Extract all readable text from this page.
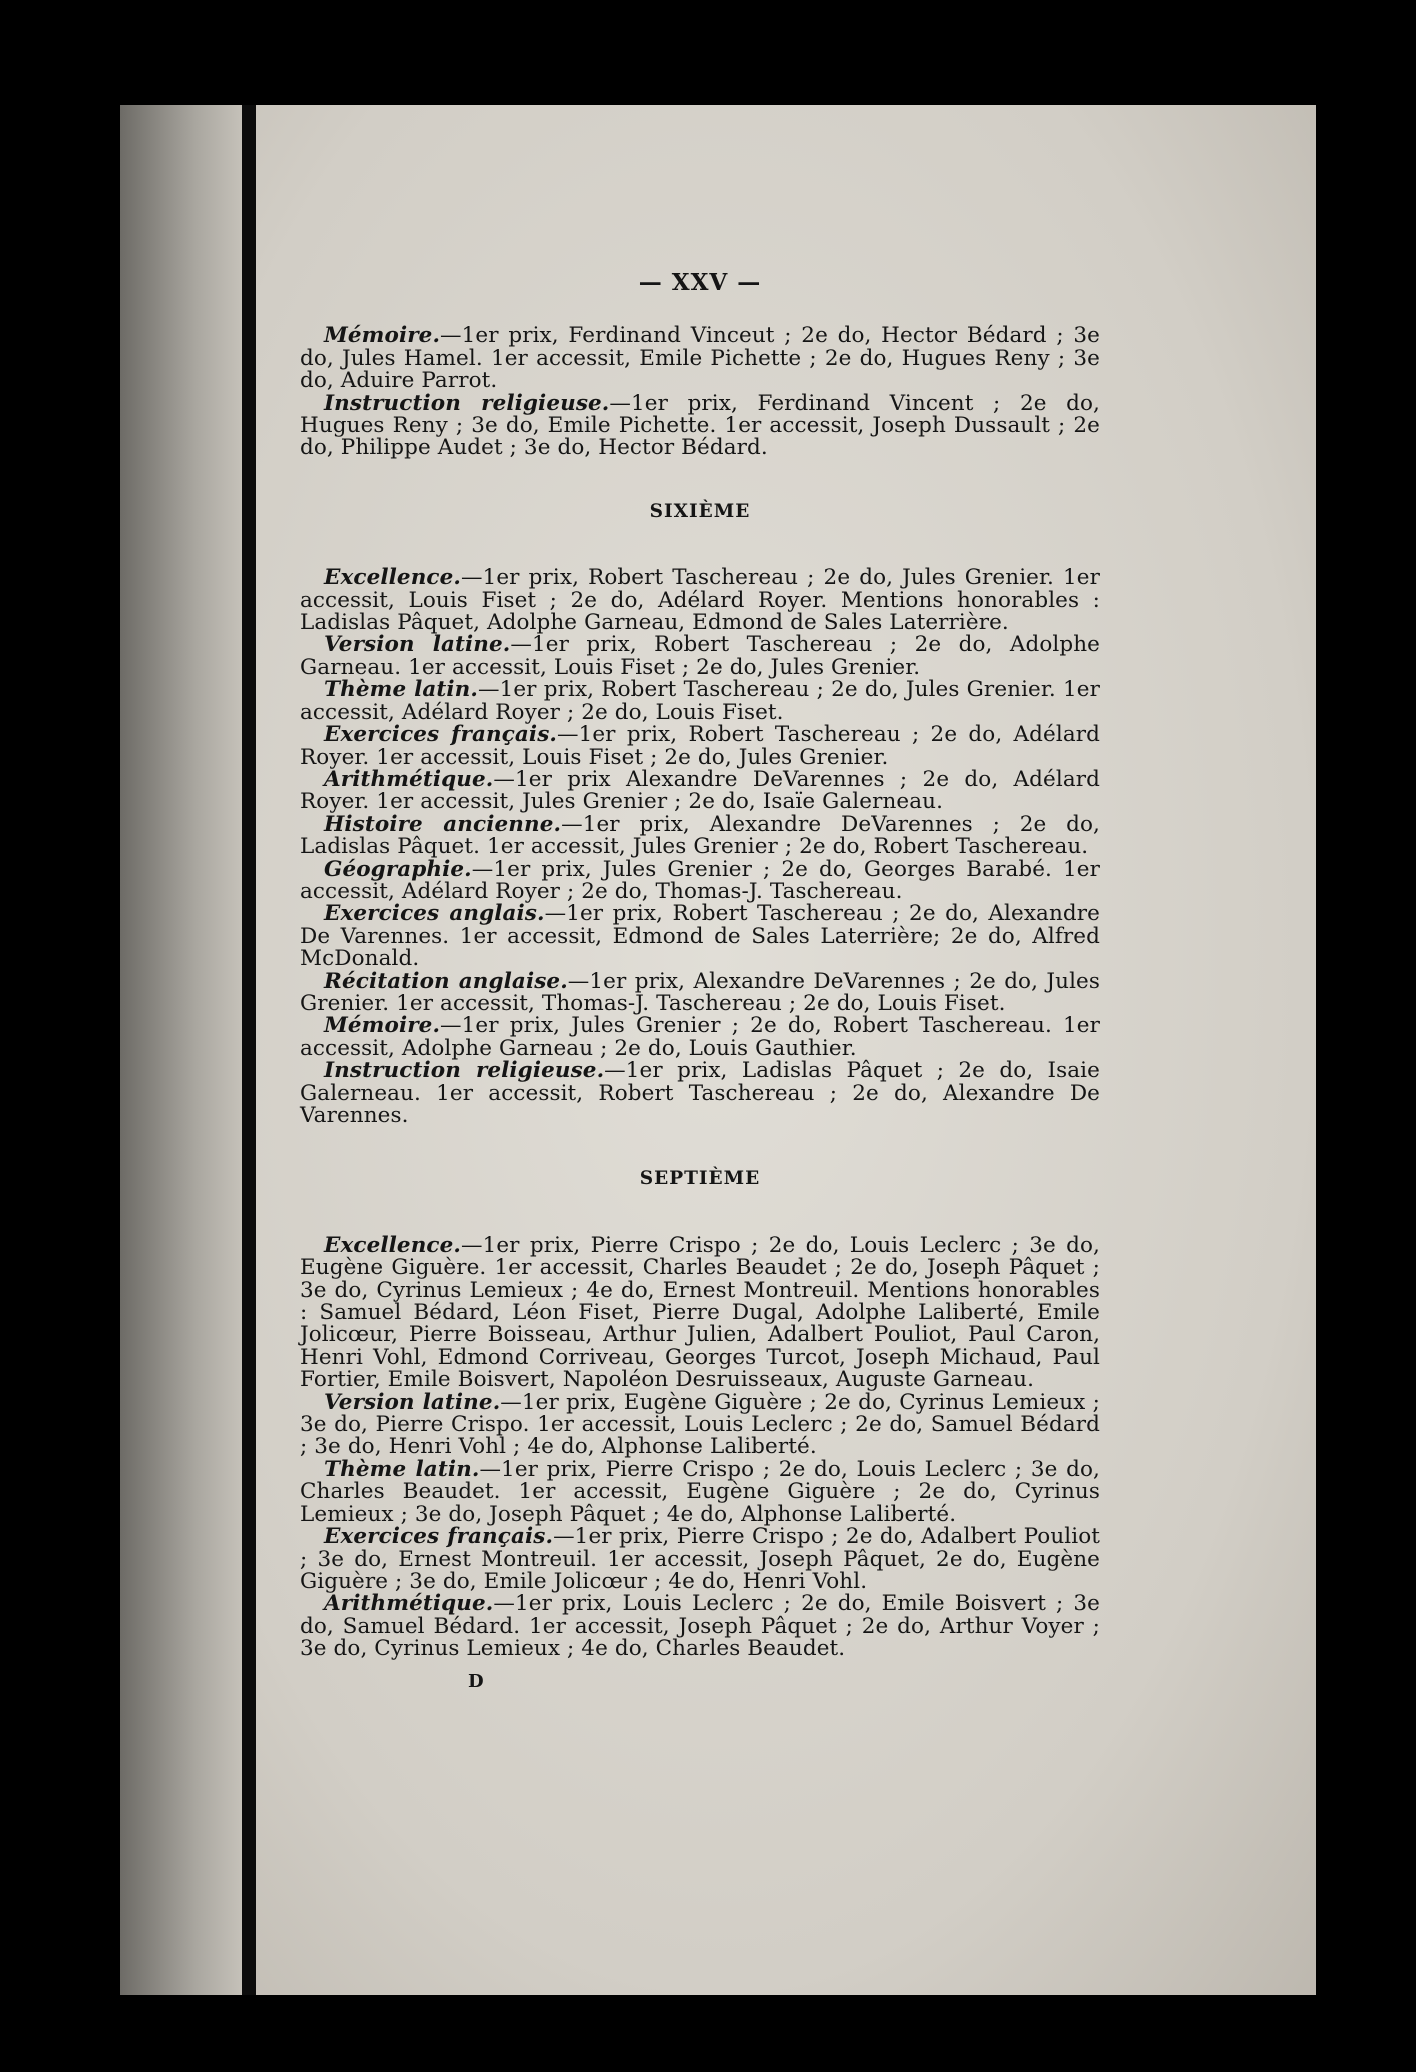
— XXV —

Mémoire.—1er prix, Ferdinand Vinceut ; 2e do, Hector Bédard ; 3e do, Jules Hamel. 1er accessit, Emile Pichette ; 2e do, Hugues Reny ; 3e do, Aduire Parrot.

Instruction religieuse.—1er prix, Ferdinand Vincent ; 2e do, Hugues Reny ; 3e do, Emile Pichette. 1er accessit, Joseph Dussault ; 2e do, Philippe Audet ; 3e do, Hector Bédard.

SIXIÈME

Excellence.—1er prix, Robert Taschereau ; 2e do, Jules Grenier. 1er accessit, Louis Fiset ; 2e do, Adélard Royer. Mentions honorables : Ladislas Pâquet, Adolphe Garneau, Edmond de Sales Laterrière.

Version latine.—1er prix, Robert Taschereau ; 2e do, Adolphe Garneau. 1er accessit, Louis Fiset ; 2e do, Jules Grenier.

Thème latin.—1er prix, Robert Taschereau ; 2e do, Jules Grenier. 1er accessit, Adélard Royer ; 2e do, Louis Fiset.

Exercices français.—1er prix, Robert Taschereau ; 2e do, Adélard Royer. 1er accessit, Louis Fiset ; 2e do, Jules Grenier.

Arithmétique.—1er prix Alexandre DeVarennes ; 2e do, Adélard Royer. 1er accessit, Jules Grenier ; 2e do, Isaïe Galerneau.

Histoire ancienne.—1er prix, Alexandre DeVarennes ; 2e do, Ladislas Pâquet. 1er accessit, Jules Grenier ; 2e do, Robert Taschereau.

Géographie.—1er prix, Jules Grenier ; 2e do, Georges Barabé. 1er accessit, Adélard Royer ; 2e do, Thomas-J. Taschereau.

Exercices anglais.—1er prix, Robert Taschereau ; 2e do, Alexandre De Varennes. 1er accessit, Edmond de Sales Laterrière; 2e do, Alfred McDonald.

Récitation anglaise.—1er prix, Alexandre DeVarennes ; 2e do, Jules Grenier. 1er accessit, Thomas-J. Taschereau ; 2e do, Louis Fiset.

Mémoire.—1er prix, Jules Grenier ; 2e do, Robert Taschereau. 1er accessit, Adolphe Garneau ; 2e do, Louis Gauthier.

Instruction religieuse.—1er prix, Ladislas Pâquet ; 2e do, Isaie Galerneau. 1er accessit, Robert Taschereau ; 2e do, Alexandre De Varennes.

SEPTIÈME

Excellence.—1er prix, Pierre Crispo ; 2e do, Louis Leclerc ; 3e do, Eugène Giguère. 1er accessit, Charles Beaudet ; 2e do, Joseph Pâquet ; 3e do, Cyrinus Lemieux ; 4e do, Ernest Montreuil. Mentions honorables : Samuel Bédard, Léon Fiset, Pierre Dugal, Adolphe Laliberté, Emile Jolicœur, Pierre Boisseau, Arthur Julien, Adalbert Pouliot, Paul Caron, Henri Vohl, Edmond Corriveau, Georges Turcot, Joseph Michaud, Paul Fortier, Emile Boisvert, Napoléon Desruisseaux, Auguste Garneau.

Version latine.—1er prix, Eugène Giguère ; 2e do, Cyrinus Lemieux ; 3e do, Pierre Crispo. 1er accessit, Louis Leclerc ; 2e do, Samuel Bédard ; 3e do, Henri Vohl ; 4e do, Alphonse Laliberté.

Thème latin.—1er prix, Pierre Crispo ; 2e do, Louis Leclerc ; 3e do, Charles Beaudet. 1er accessit, Eugène Giguère ; 2e do, Cyrinus Lemieux ; 3e do, Joseph Pâquet ; 4e do, Alphonse Laliberté.

Exercices français.—1er prix, Pierre Crispo ; 2e do, Adalbert Pouliot ; 3e do, Ernest Montreuil. 1er accessit, Joseph Pâquet, 2e do, Eugène Giguère ; 3e do, Emile Jolicœur ; 4e do, Henri Vohl.

Arithmétique.—1er prix, Louis Leclerc ; 2e do, Emile Boisvert ; 3e do, Samuel Bédard. 1er accessit, Joseph Pâquet ; 2e do, Arthur Voyer ; 3e do, Cyrinus Lemieux ; 4e do, Charles Beaudet.

D
